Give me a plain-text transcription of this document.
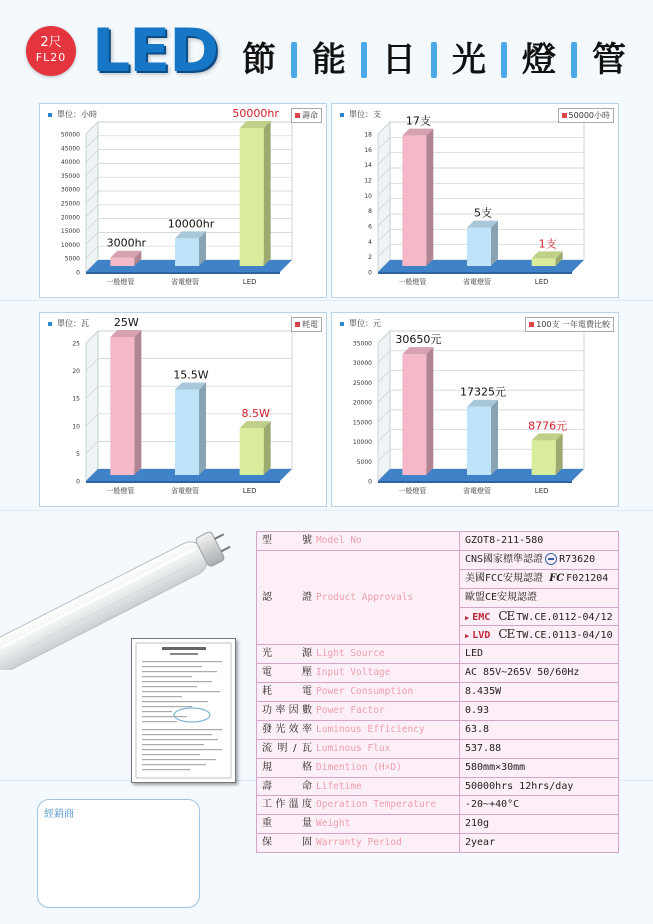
2尺
FL20 LED 節 能 日 光 燈 管
0
5000
10000
15000
20000
25000
30000
35000
40000
45000
50000
3000hr
一般燈管
10000hr
省電燈管
50000hr
LED
單位：小時	壽命
0
2
4
6
8
10
12
14
16
18
17支
一般燈管
5支
省電燈管
1支
LED
單位：支	50000小時
0
5
10
15
20
25
25W
一般燈管
15.5W
省電燈管
8.5W
LED
單位：瓦	耗電
0
5000
10000
15000
20000
25000
30000
35000 30650元
一般燈管
17325元
省電燈管
8776元
LED
單位：元	100支 一年電費比較
經銷商
型號 Model No	GZOT8-211-580
認證 Product Approvals	CNS國家標準認證 R73620
	美國FCC安規認證 FC F021204
	歐盟CE安規認證
	▶ EMC CE TW.CE.0112-04/12
	▶ LVD CE TW.CE.0113-04/10
光源 Light Source	LED
電壓 Input Voltage	AC 85V~265V 50/60Hz
耗電 Power Consumption	8.435W
功率因數 Power Factor	0.93
發光效率 Luminous Efficiency	63.8
流明/瓦 Luminous Flux	537.88
規格 Dimention (H×D)	580mm×30mm
壽命 Lifetime	50000hrs 12hrs/day
工作溫度 Operation Temperature	-20~+40°C
重量 Weight	210g
保固 Warranty Period	2year
